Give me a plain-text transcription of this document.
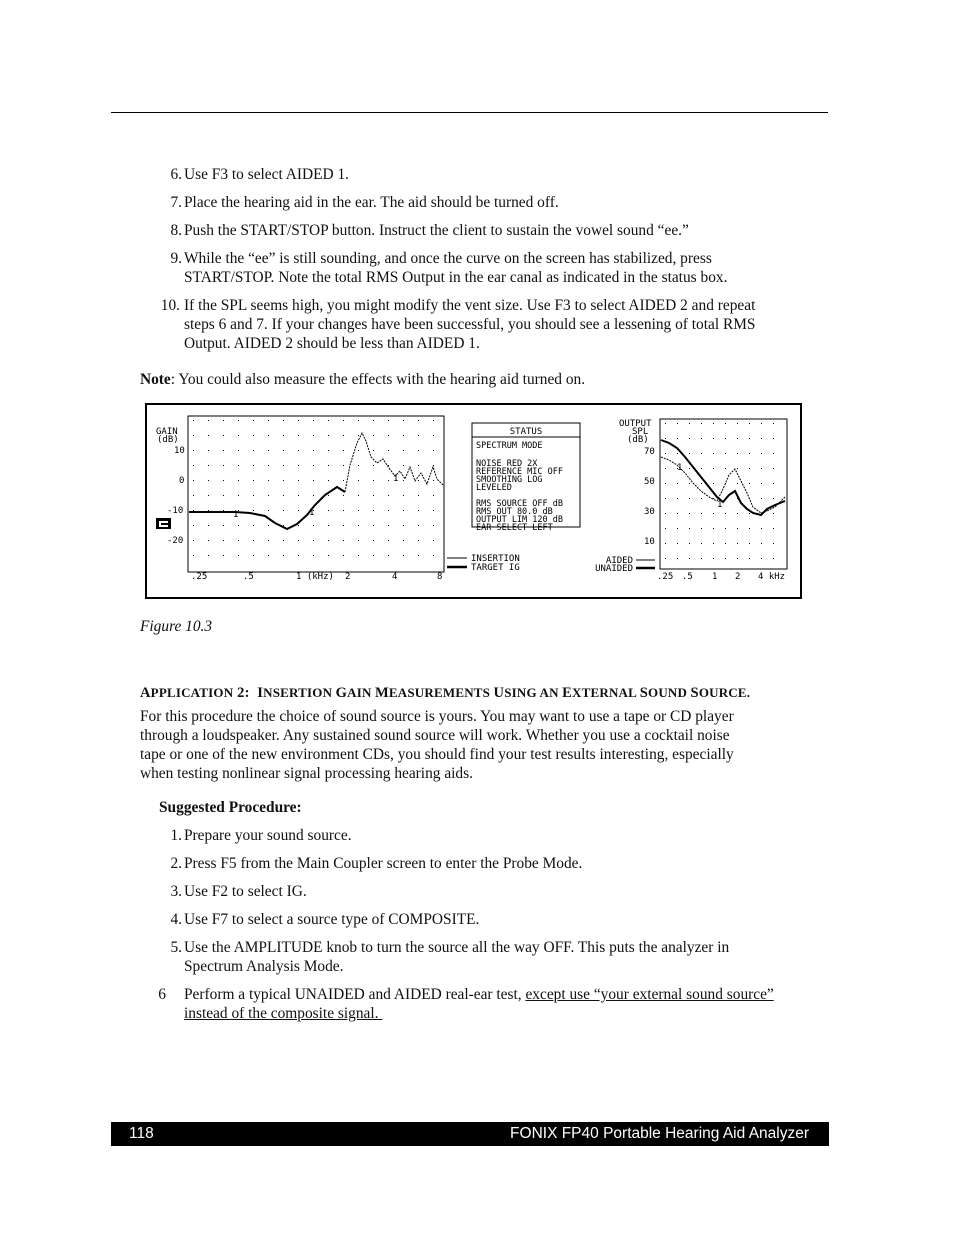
6. Use F3 to select AIDED 1.
7. Place the hearing aid in the ear. The aid should be turned off.
8. Push the START/STOP button. Instruct the client to sustain the vowel sound “ee.”
9. While the “ee” is still sounding, and once the curve on the screen has stabilized, press
START/STOP. Note the total RMS Output in the ear canal as indicated in the status box.
10. If the SPL seems high, you might modify the vent size. Use F3 to select AIDED 2 and repeat
steps 6 and 7. If your changes have been successful, you should see a lessening of total RMS
Output. AIDED 2 should be less than AIDED 1.
Note: You could also measure the effects with the hearing aid turned on.
GAIN
(dB)
10
0
-10
-20
.25	.5	1 (kHz) 2	4	8
1	1
1
INSERTION
TARGET IG
STATUS
SPECTRUM MODE
NOISE RED 2X
REFERENCE MIC OFF
SMOOTHING LOG
LEVELED
RMS SOURCE OFF dB
RMS OUT 80.0 dB
OUTPUT LIM 120 dB
EAR SELECT LEFT
OUTPUT
SPL
(dB)
70
50
30
10
.25 .5 1 2 4 kHz
1
1
AIDED
UNAIDED
Figure 10.3
APPLICATION 2:  INSERTION GAIN MEASUREMENTS USING AN EXTERNAL SOUND SOURCE.
For this procedure the choice of sound source is yours. You may want to use a tape or CD player
through a loudspeaker. Any sustained sound source will work. Whether you use a cocktail noise
tape or one of the new environment CDs, you should find your test results interesting, especially
when testing nonlinear signal processing hearing aids.
Suggested Procedure:
1. Prepare your sound source.
2. Press F5 from the Main Coupler screen to enter the Probe Mode.
3. Use F2 to select IG.
4. Use F7 to select a source type of COMPOSITE.
5. Use the AMPLITUDE knob to turn the source all the way OFF. This puts the analyzer in
Spectrum Analysis Mode.
6 Perform a typical UNAIDED and AIDED real-ear test, except use “your external sound source”
instead of the composite signal.
118	FONIX FP40 Portable Hearing Aid Analyzer
